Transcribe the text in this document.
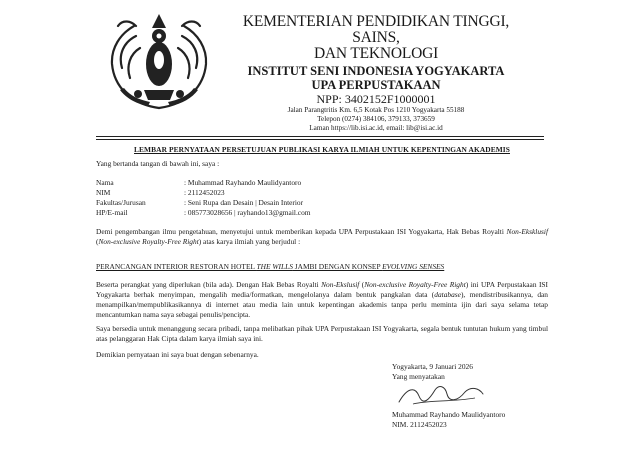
KEMENTERIAN PENDIDIKAN TINGGI, SAINS,
DAN TEKNOLOGI
INSTITUT SENI INDONESIA YOGYAKARTA
UPA PERPUSTAKAAN
NPP: 3402152F1000001
Jalan Parangtritis Km. 6,5 Kotak Pos 1210 Yogyakarta 55188
Telepon (0274) 384106, 379133, 373659
Laman https://lib.isi.ac.id, email: lib@isi.ac.id
LEMBAR PERNYATAAN PERSETUJUAN PUBLIKASI KARYA ILMIAH UNTUK KEPENTINGAN AKADEMIS
Yang bertanda tangan di bawah ini, saya :
Nama	: Muhammad Rayhando Maulidyantoro
NIM	: 2112452023
Fakultas/Jurusan	: Seni Rupa dan Desain | Desain Interior
HP/E-mail	: 085773028656 | rayhando13@gmail.com
Demi pengembangan ilmu pengetahuan, menyetujui untuk memberikan kepada UPA Perpustakaan ISI Yogyakarta, Hak Bebas Royalti Non-Eksklusif (Non-exclusive Royalty-Free Right) atas karya ilmiah yang berjudul :
PERANCANGAN INTERIOR RESTORAN HOTEL THE WILLS JAMBI DENGAN KONSEP EVOLVING SENSES
Beserta perangkat yang diperlukan (bila ada). Dengan Hak Bebas Royalti Non-Ekslusif (Non-exclusive Royalty-Free Right) ini UPA Perpustakaan ISI Yogyakarta berhak menyimpan, mengalih media/formatkan, mengelolanya dalam bentuk pangkalan data (database), mendistribusikannya, dan menampilkan/mempublikasikannya di internet atau media lain untuk kepentingan akademis tanpa perlu meminta ijin dari saya selama tetap mencantumkan nama saya sebagai penulis/pencipta.
Saya bersedia untuk menanggung secara pribadi, tanpa melibatkan pihak UPA Perpustakaan ISI Yogyakarta, segala bentuk tuntutan hukum yang timbul atas pelanggaran Hak Cipta dalam karya ilmiah saya ini.
Demikian pernyataan ini saya buat dengan sebenarnya.
Yogyakarta, 9 Januari 2026
Yang menyatakan
Muhammad Rayhando Maulidyantoro
NIM. 2112452023
